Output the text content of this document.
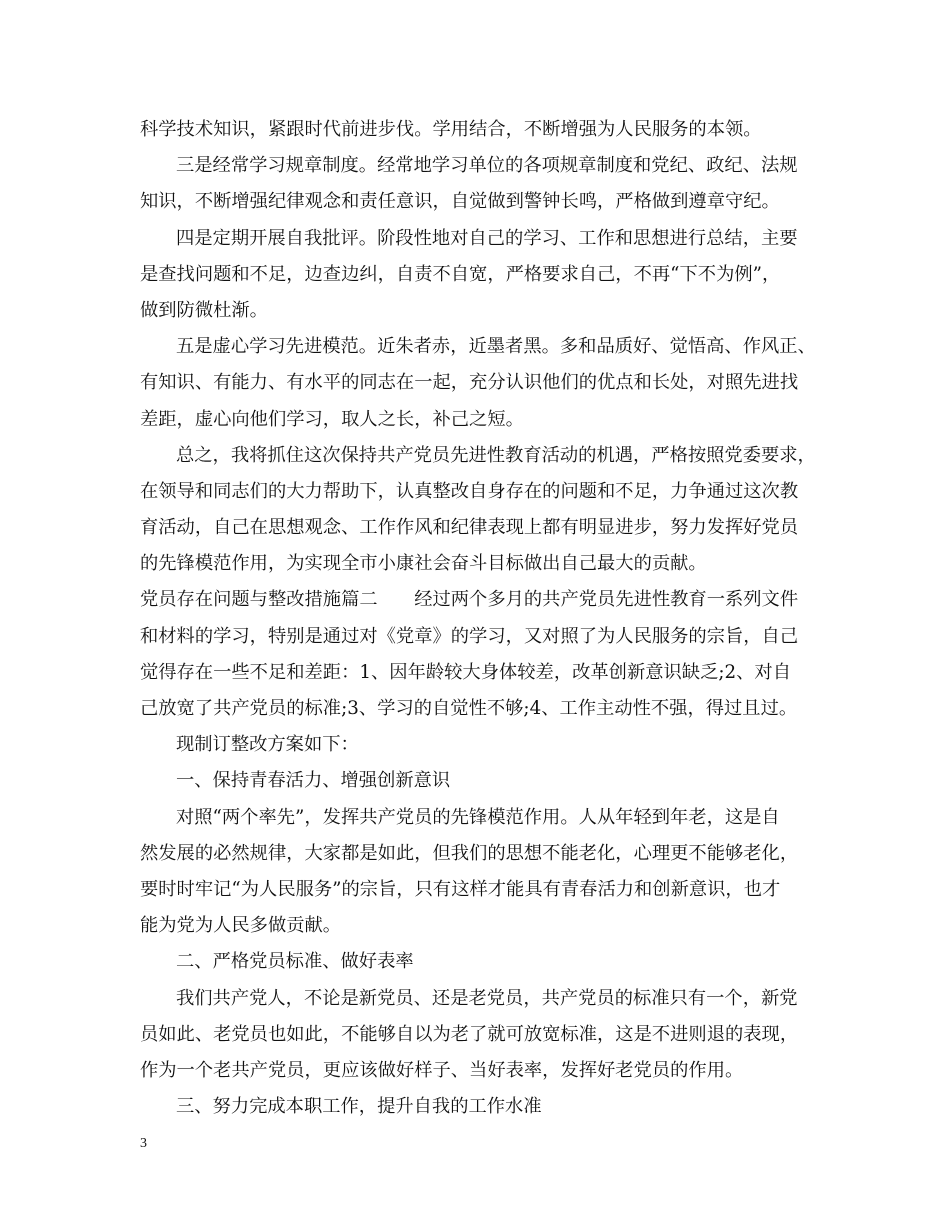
科学技术知识，紧跟时代前进步伐。学用结合，不断增强为人民服务的本领。
三是经常学习规章制度。经常地学习单位的各项规章制度和党纪、政纪、法规
知识，不断增强纪律观念和责任意识，自觉做到警钟长鸣，严格做到遵章守纪。
四是定期开展自我批评。阶段性地对自己的学习、工作和思想进行总结，主要
是查找问题和不足，边查边纠，自责不自宽，严格要求自己，不再“下不为例”，
做到防微杜渐。
五是虚心学习先进模范。近朱者赤，近墨者黑。多和品质好、觉悟高、作风正、
有知识、有能力、有水平的同志在一起，充分认识他们的优点和长处，对照先进找
差距，虚心向他们学习，取人之长，补己之短。
总之，我将抓住这次保持共产党员先进性教育活动的机遇，严格按照党委要求，
在领导和同志们的大力帮助下，认真整改自身存在的问题和不足，力争通过这次教
育活动，自己在思想观念、工作作风和纪律表现上都有明显进步，努力发挥好党员
的先锋模范作用，为实现全市小康社会奋斗目标做出自己最大的贡献。
党员存在问题与整改措施篇二　　经过两个多月的共产党员先进性教育一系列文件
和材料的学习，特别是通过对《党章》的学习，又对照了为人民服务的宗旨，自己
觉得存在一些不足和差距：1、因年龄较大身体较差，改革创新意识缺乏;2、对自
己放宽了共产党员的标准;3、学习的自觉性不够;4、工作主动性不强，得过且过。
现制订整改方案如下：
一、保持青春活力、增强创新意识
对照“两个率先”，发挥共产党员的先锋模范作用。人从年轻到年老，这是自
然发展的必然规律，大家都是如此，但我们的思想不能老化，心理更不能够老化，
要时时牢记“为人民服务”的宗旨，只有这样才能具有青春活力和创新意识，也才
能为党为人民多做贡献。
二、严格党员标准、做好表率
我们共产党人，不论是新党员、还是老党员，共产党员的标准只有一个，新党
员如此、老党员也如此，不能够自以为老了就可放宽标准，这是不进则退的表现，
作为一个老共产党员，更应该做好样子、当好表率，发挥好老党员的作用。
三、努力完成本职工作，提升自我的工作水准
3
